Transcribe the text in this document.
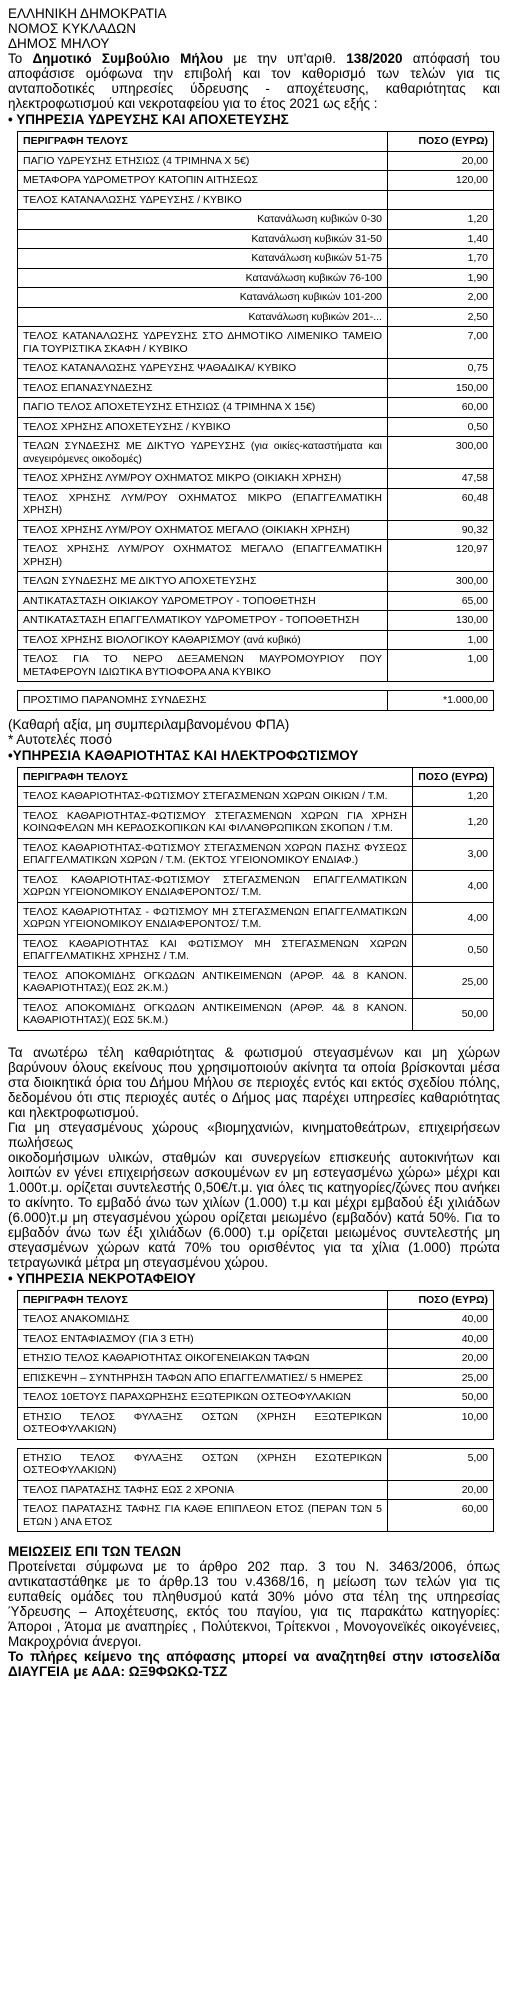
ΕΛΛΗΝΙΚΗ ΔΗΜΟΚΡΑΤΙΑ
ΝΟΜΟΣ ΚΥΚΛΑΔΩΝ
ΔΗΜΟΣ ΜΗΛΟΥ

Το Δημοτικό Συμβούλιο Μήλου με την υπ'αριθ. 138/2020 απόφασή του αποφάσισε ομόφωνα την επιβολή και τον καθορισμό των τελών για τις ανταποδοτικές υπηρεσίες ύδρευσης - αποχέτευσης, καθαριότητας και ηλεκτροφωτισμού και νεκροταφείου για το έτος 2021 ως εξής :

• ΥΠΗΡΕΣΙΑ ΥΔΡΕΥΣΗΣ ΚΑΙ ΑΠΟΧΕΤΕΥΣΗΣ
ΠΕΡΙΓΡΑΦΗ ΤΕΛΟΥΣ	ΠΟΣΟ (ΕΥΡΩ)
ΠΑΓΙΟ ΥΔΡΕΥΣΗΣ ΕΤΗΣΙΩΣ (4 ΤΡΙΜΗΝΑ Χ 5€)	20,00
ΜΕΤΑΦΟΡΑ ΥΔΡΟΜΕΤΡΟΥ ΚΑΤΟΠΙΝ ΑΙΤΗΣΕΩΣ	120,00
ΤΕΛΟΣ ΚΑΤΑΝΑΛΩΣΗΣ ΥΔΡΕΥΣΗΣ / ΚΥΒΙΚΟ	
Κατανάλωση κυβικών 0-30	1,20
Κατανάλωση κυβικών 31-50	1,40
Κατανάλωση κυβικών 51-75	1,70
Κατανάλωση κυβικών 76-100	1,90
Κατανάλωση κυβικών 101-200	2,00
Κατανάλωση κυβικών 201-...	2,50
ΤΕΛΟΣ ΚΑΤΑΝΑΛΩΣΗΣ ΥΔΡΕΥΣΗΣ ΣΤΟ ΔΗΜΟΤΙΚΟ ΛΙΜΕΝΙΚΟ ΤΑΜΕΙΟ ΓΙΑ ΤΟΥΡΙΣΤΙΚΑ ΣΚΑΦΗ / ΚΥΒΙΚΟ	7,00
ΤΕΛΟΣ ΚΑΤΑΝΑΛΩΣΗΣ ΥΔΡΕΥΣΗΣ ΨΑΘΑΔΙΚΑ/ ΚΥΒΙΚΟ	0,75
ΤΕΛΟΣ ΕΠΑΝΑΣΥΝΔΕΣΗΣ	150,00
ΠΑΓΙΟ ΤΕΛΟΣ ΑΠΟΧΕΤΕΥΣΗΣ ΕΤΗΣΙΩΣ (4 ΤΡΙΜΗΝΑ Χ 15€)	60,00
ΤΕΛΟΣ ΧΡΗΣΗΣ ΑΠΟΧΕΤΕΥΣΗΣ / ΚΥΒΙΚΟ	0,50
ΤΕΛΩΝ ΣΥΝΔΕΣΗΣ ΜΕ ΔΙΚΤΥΟ ΥΔΡΕΥΣΗΣ (για οικίες-καταστήματα και ανεγειρόμενες οικοδομές)	300,00
ΤΕΛΟΣ ΧΡΗΣΗΣ ΛΥΜ/ΡΟΥ ΟΧΗΜΑΤΟΣ ΜΙΚΡΟ (ΟΙΚΙΑΚΗ ΧΡΗΣΗ)	47,58
ΤΕΛΟΣ ΧΡΗΣΗΣ ΛΥΜ/ΡΟΥ ΟΧΗΜΑΤΟΣ ΜΙΚΡΟ (ΕΠΑΓΓΕΛΜΑΤΙΚΗ ΧΡΗΣΗ)	60,48
ΤΕΛΟΣ ΧΡΗΣΗΣ ΛΥΜ/ΡΟΥ ΟΧΗΜΑΤΟΣ ΜΕΓΑΛΟ (ΟΙΚΙΑΚΗ ΧΡΗΣΗ)	90,32
ΤΕΛΟΣ ΧΡΗΣΗΣ ΛΥΜ/ΡΟΥ ΟΧΗΜΑΤΟΣ ΜΕΓΑΛΟ (ΕΠΑΓΓΕΛΜΑΤΙΚΗ ΧΡΗΣΗ)	120,97
ΤΕΛΩΝ ΣΥΝΔΕΣΗΣ ΜΕ ΔΙΚΤΥΟ ΑΠΟΧΕΤΕΥΣΗΣ	300,00
ΑΝΤΙΚΑΤΑΣΤΑΣΗ ΟΙΚΙΑΚΟΥ ΥΔΡΟΜΕΤΡΟΥ - ΤΟΠΟΘΕΤΗΣΗ	65,00
ΑΝΤΙΚΑΤΑΣΤΑΣΗ ΕΠΑΓΓΕΛΜΑΤΙΚΟΥ ΥΔΡΟΜΕΤΡΟΥ - ΤΟΠΟΘΕΤΗΣΗ	130,00
ΤΕΛΟΣ ΧΡΗΣΗΣ ΒΙΟΛΟΓΙΚΟΥ ΚΑΘΑΡΙΣΜΟΥ (ανά κυβικό)	1,00
ΤΕΛΟΣ ΓΙΑ ΤΟ ΝΕΡΟ ΔΕΞΑΜΕΝΩΝ ΜΑΥΡΟΜΟΥΡΙΟΥ ΠΟΥ ΜΕΤΑΦΕΡΟΥΝ ΙΔΙΩΤΙΚΑ ΒΥΤΙΟΦΟΡΑ ΑΝΑ ΚΥΒΙΚΟ	1,00

ΠΡΟΣΤΙΜΟ ΠΑΡΑΝΟΜΗΣ ΣΥΝΔΕΣΗΣ	*1.000,00
(Καθαρή αξία, μη συμπεριλαμβανομένου ΦΠΑ)
* Αυτοτελές ποσό
•ΥΠΗΡΕΣΙΑ ΚΑΘΑΡΙΟΤΗΤΑΣ ΚΑΙ ΗΛΕΚΤΡΟΦΩΤΙΣΜΟΥ
ΠΕΡΙΓΡΑΦΗ ΤΕΛΟΥΣ	ΠΟΣΟ (ΕΥΡΩ)
ΤΕΛΟΣ ΚΑΘΑΡΙΟΤΗΤΑΣ-ΦΩΤΙΣΜΟΥ ΣΤΕΓΑΣΜΕΝΩΝ ΧΩΡΩΝ ΟΙΚΙΩΝ / Τ.Μ.	1,20
ΤΕΛΟΣ ΚΑΘΑΡΙΟΤΗΤΑΣ-ΦΩΤΙΣΜΟΥ ΣΤΕΓΑΣΜΕΝΩΝ ΧΩΡΩΝ ΓΙΑ ΧΡΗΣΗ ΚΟΙΝΩΦΕΛΩΝ ΜΗ ΚΕΡΔΟΣΚΟΠΙΚΩΝ ΚΑΙ ΦΙΛΑΝΘΡΩΠΙΚΩΝ ΣΚΟΠΩΝ / Τ.Μ.	1,20
ΤΕΛΟΣ ΚΑΘΑΡΙΟΤΗΤΑΣ-ΦΩΤΙΣΜΟΥ ΣΤΕΓΑΣΜΕΝΩΝ ΧΩΡΩΝ ΠΑΣΗΣ ΦΥΣΕΩΣ ΕΠΑΓΓΕΛΜΑΤΙΚΩΝ ΧΩΡΩΝ / Τ.Μ. (ΕΚΤΟΣ ΥΓΕΙΟΝΟΜΙΚΟΥ ΕΝΔΙΑΦ.)	3,00
ΤΕΛΟΣ ΚΑΘΑΡΙΟΤΗΤΑΣ-ΦΩΤΙΣΜΟΥ ΣΤΕΓΑΣΜΕΝΩΝ ΕΠΑΓΓΕΛΜΑΤΙΚΩΝ ΧΩΡΩΝ ΥΓΕΙΟΝΟΜΙΚΟΥ ΕΝΔΙΑΦΕΡΟΝΤΟΣ/ Τ.Μ.	4,00
ΤΕΛΟΣ ΚΑΘΑΡΙΟΤΗΤΑΣ - ΦΩΤΙΣΜΟΥ ΜΗ ΣΤΕΓΑΣΜΕΝΩΝ ΕΠΑΓΓΕΛΜΑΤΙΚΩΝ ΧΩΡΩΝ ΥΓΕΙΟΝΟΜΙΚΟΥ ΕΝΔΙΑΦΕΡΟΝΤΟΣ/ Τ.Μ.	4,00
ΤΕΛΟΣ ΚΑΘΑΡΙΟΤΗΤΑΣ ΚΑΙ ΦΩΤΙΣΜΟΥ ΜΗ ΣΤΕΓΑΣΜΕΝΩΝ ΧΩΡΩΝ ΕΠΑΓΓΕΛΜΑΤΙΚΗΣ ΧΡΗΣΗΣ / Τ.Μ.	0,50
ΤΕΛΟΣ ΑΠΟΚΟΜΙΔΗΣ ΟΓΚΩΔΩΝ ΑΝΤΙΚΕΙΜΕΝΩΝ (ΑΡΘΡ. 4& 8 ΚΑΝΟΝ. ΚΑΘΑΡΙΟΤΗΤΑΣ)( ΕΩΣ 2Κ.Μ.)	25,00
ΤΕΛΟΣ ΑΠΟΚΟΜΙΔΗΣ ΟΓΚΩΔΩΝ ΑΝΤΙΚΕΙΜΕΝΩΝ (ΑΡΘΡ. 4& 8 ΚΑΝΟΝ. ΚΑΘΑΡΙΟΤΗΤΑΣ)( ΕΩΣ 5Κ.Μ.)	50,00

Τα ανωτέρω τέλη καθαριότητας & φωτισμού στεγασμένων και μη χώρων βαρύνουν όλους εκείνους που χρησιμοποιούν ακίνητα τα οποία βρίσκονται μέσα στα διοικητικά όρια του Δήμου Μήλου σε περιοχές εντός και εκτός σχεδίου πόλης, δεδομένου ότι στις περιοχές αυτές ο Δήμος μας παρέχει υπηρεσίες καθαριότητας και ηλεκτροφωτισμού.

Για μη στεγασμένους χώρους «βιομηχανιών, κινηματοθεάτρων, επιχειρήσεων πωλήσεως

οικοδομήσιμων υλικών, σταθμών και συνεργείων επισκευής αυτοκινήτων και λοιπών εν γένει επιχειρήσεων ασκουμένων εν μη εστεγασμένω χώρω» μέχρι και 1.000τ.μ. ορίζεται συντελεστής 0,50€/τ.μ. για όλες τις κατηγορίες/ζώνες που ανήκει το ακίνητο. Το εμβαδό άνω των χιλίων (1.000) τ.μ και μέχρι εμβαδού έξι χιλιάδων (6.000)τ.μ μη στεγασμένου χώρου ορίζεται μειωμένο (εμβαδόν) κατά 50%. Για το εμβαδόν άνω των έξι χιλιάδων (6.000) τ.μ ορίζεται μειωμένος συντελεστής μη στεγασμένων χώρων κατά 70% του ορισθέντος για τα χίλια (1.000) πρώτα τετραγωνικά μέτρα μη στεγασμένου χώρου.

• ΥΠΗΡΕΣΙΑ ΝΕΚΡΟΤΑΦΕΙΟΥ
ΠΕΡΙΓΡΑΦΗ ΤΕΛΟΥΣ	ΠΟΣΟ (ΕΥΡΩ)
ΤΕΛΟΣ ΑΝΑΚΟΜΙΔΗΣ	40,00
ΤΕΛΟΣ ΕΝΤΑΦΙΑΣΜΟΥ (ΓΙΑ 3 ΕΤΗ)	40,00
ΕΤΗΣΙΟ ΤΕΛΟΣ ΚΑΘΑΡΙΟΤΗΤΑΣ ΟΙΚΟΓΕΝΕΙΑΚΩΝ ΤΑΦΩΝ	20,00
ΕΠΙΣΚΕΨΗ – ΣΥΝΤΗΡΗΣΗ ΤΑΦΩΝ ΑΠΟ ΕΠΑΓΓΕΛΜΑΤΙΕΣ/ 5 ΗΜΕΡΕΣ	25,00
ΤΕΛΟΣ 10ΕΤΟΥΣ ΠΑΡΑΧΩΡΗΣΗΣ ΕΞΩΤΕΡΙΚΩΝ ΟΣΤΕΟΦΥΛΑΚΙΩΝ	50,00
ΕΤΗΣΙΟ ΤΕΛΟΣ ΦΥΛΑΞΗΣ ΟΣΤΩΝ (ΧΡΗΣΗ ΕΞΩΤΕΡΙΚΩΝ ΟΣΤΕΟΦΥΛΑΚΙΩΝ)	10,00

ΕΤΗΣΙΟ ΤΕΛΟΣ ΦΥΛΑΞΗΣ ΟΣΤΩΝ (ΧΡΗΣΗ ΕΣΩΤΕΡΙΚΩΝ ΟΣΤΕΟΦΥΛΑΚΙΩΝ)	5,00
ΤΕΛΟΣ ΠΑΡΑΤΑΣΗΣ ΤΑΦΗΣ ΕΩΣ 2 ΧΡΟΝΙΑ	20,00
ΤΕΛΟΣ ΠΑΡΑΤΑΣΗΣ ΤΑΦΗΣ ΓΙΑ ΚΑΘΕ ΕΠΙΠΛΕΟΝ ΕΤΟΣ (ΠΕΡΑΝ ΤΩΝ 5 ΕΤΩΝ ) ΑΝΑ ΕΤΟΣ	60,00
ΜΕΙΩΣΕΙΣ ΕΠΙ ΤΩΝ ΤΕΛΩΝ

Προτείνεται σύμφωνα με το άρθρο 202 παρ. 3 του Ν. 3463/2006, όπως αντικαταστάθηκε με το άρθρ.13 του ν.4368/16, η μείωση των τελών για τις ευπαθείς ομάδες του πληθυσμού κατά 30% μόνο στα τέλη της υπηρεσίας Ύδρευσης – Αποχέτευσης, εκτός του παγίου, για τις παρακάτω κατηγορίες: Άποροι , Άτομα με αναπηρίες , Πολύτεκνοι, Τρίτεκνοι , Μονογονεϊκές οικογένειες, Μακροχρόνια άνεργοι.

Το πλήρες κείμενο της απόφασης μπορεί να αναζητηθεί στην ιστοσελίδα ΔΙΑΥΓΕΙΑ με ΑΔΑ: ΩΞ9ΦΩΚΩ-ΤΣΖ
